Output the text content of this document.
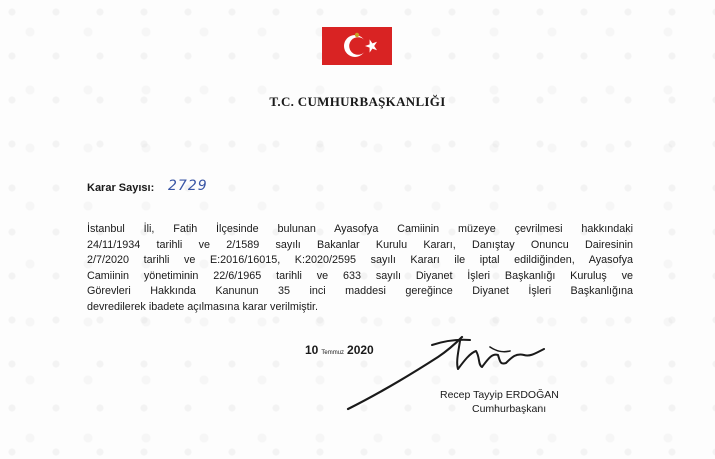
T.C. CUMHURBAŞKANLIĞI
Karar Sayısı: 2729
İstanbul İli, Fatih İlçesinde bulunan Ayasofya Camiinin müzeye çevrilmesi hakkındaki
24/11/1934 tarihli ve 2/1589 sayılı Bakanlar Kurulu Kararı, Danıştay Onuncu Dairesinin
2/7/2020 tarihli ve E:2016/16015, K:2020/2595 sayılı Kararı ile iptal edildiğinden, Ayasofya
Camiinin yönetiminin 22/6/1965 tarihli ve 633 sayılı Diyanet İşleri Başkanlığı Kuruluş ve
Görevleri Hakkında Kanunun 35 inci maddesi gereğince Diyanet İşleri Başkanlığına
devredilerek ibadete açılmasına karar verilmiştir.
10 Temmuz 2020
Recep Tayyip ERDOĞAN
Cumhurbaşkanı
